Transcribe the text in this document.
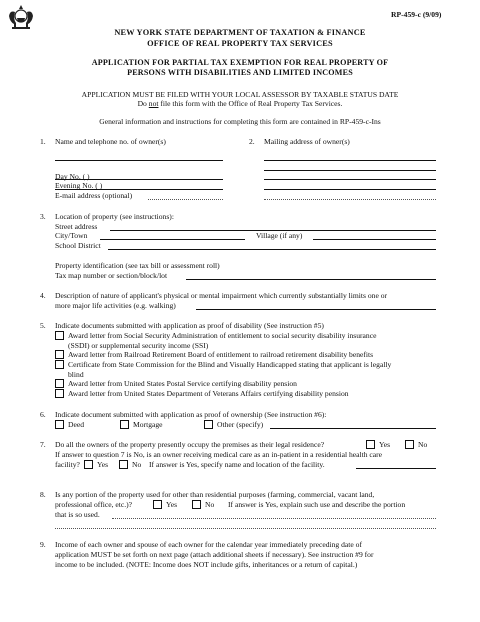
RP-459-c (9/09)
NEW YORK STATE DEPARTMENT OF TAXATION & FINANCE
OFFICE OF REAL PROPERTY TAX SERVICES
APPLICATION FOR PARTIAL TAX EXEMPTION FOR REAL PROPERTY OF
PERSONS WITH DISABILITIES AND LIMITED INCOMES
APPLICATION MUST BE FILED WITH YOUR LOCAL ASSESSOR BY TAXABLE STATUS DATE
Do not file this form with the Office of Real Property Tax Services.
General information and instructions for completing this form are contained in RP-459-c-Ins
1. Name and telephone no. of owner(s)
Day No. ( )
Evening No. ( )
E-mail address (optional)
2. Mailing address of owner(s)
3. Location of property (see instructions):
Street address
City/Town	Village (if any)
School District
Property identification (see tax bill or assessment roll)
Tax map number or section/block/lot
4. Description of nature of applicant's physical or mental impairment which currently substantially limits one or
more major life activities (e.g. walking)
5. Indicate documents submitted with application as proof of disability (See instruction #5)
Award letter from Social Security Administration of entitlement to social security disability insurance
(SSDI) or supplemental security income (SSI)
Award letter from Railroad Retirement Board of entitlement to railroad retirement disability benefits
Certificate from State Commission for the Blind and Visually Handicapped stating that applicant is legally
blind
Award letter from United States Postal Service certifying disability pension
Award letter from United States Department of Veterans Affairs certifying disability pension
6. Indicate document submitted with application as proof of ownership (See instruction #6):
Deed	Mortgage	Other (specify)
7. Do all the owners of the property presently occupy the premises as their legal residence?	Yes	No
If answer to question 7 is No, is an owner receiving medical care as an in-patient in a residential health care
facility? Yes	No If answer is Yes, specify name and location of the facility.
8. Is any portion of the property used for other than residential purposes (farming, commercial, vacant land,
professional office, etc.)?	Yes	No If answer is Yes, explain such use and describe the portion
that is so used.
9. Income of each owner and spouse of each owner for the calendar year immediately preceding date of
application MUST be set forth on next page (attach additional sheets if necessary). See instruction #9 for
income to be included. (NOTE: Income does NOT include gifts, inheritances or a return of capital.)
